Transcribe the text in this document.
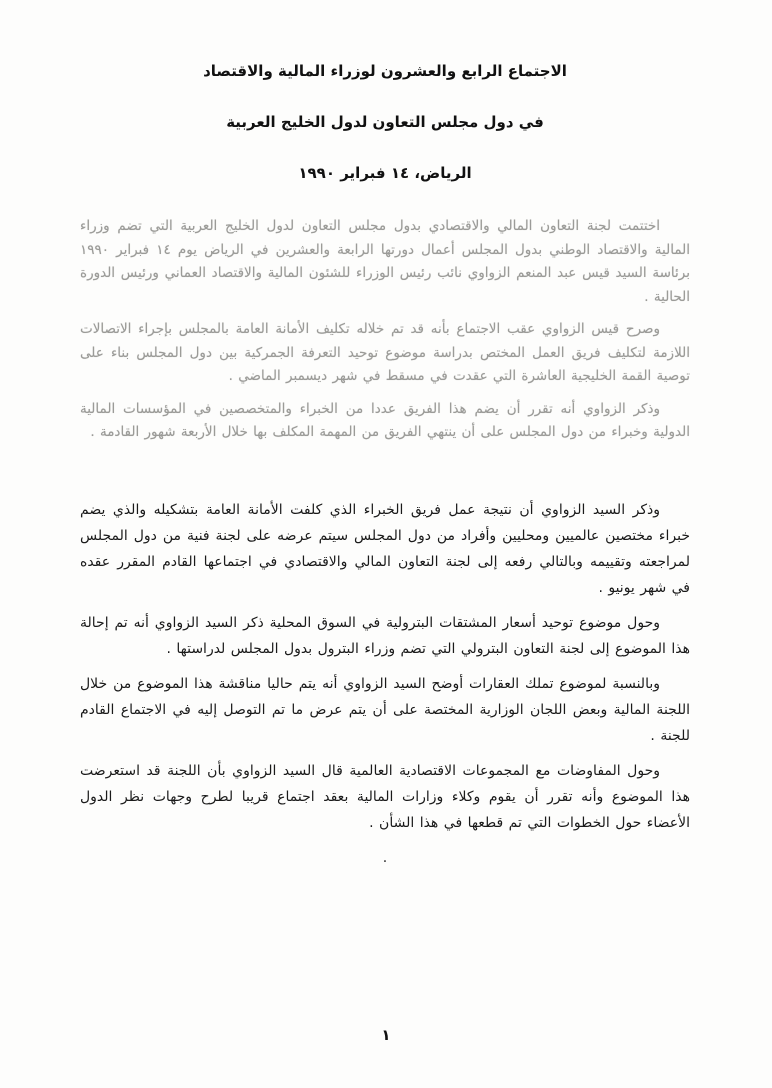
الاجتماع الرابع والعشرون لوزراء المالية والاقتصاد

في دول مجلس التعاون لدول الخليج العربية

الرياض، ١٤ فبراير ١٩٩٠

اختتمت لجنة التعاون المالي والاقتصادي بدول مجلس التعاون لدول الخليج العربية التي تضم وزراء المالية والاقتصاد الوطني بدول المجلس أعمال دورتها الرابعة والعشرين في الرياض يوم ١٤ فبراير ١٩٩٠ برئاسة السيد قيس عبد المنعم الزواوي نائب رئيس الوزراء للشئون المالية والاقتصاد العماني ورئيس الدورة الحالية .

وصرح قيس الزواوي عقب الاجتماع بأنه قد تم خلاله تكليف الأمانة العامة بالمجلس بإجراء الاتصالات اللازمة لتكليف فريق العمل المختص بدراسة موضوع توحيد التعرفة الجمركية بين دول المجلس بناء على توصية القمة الخليجية العاشرة التي عقدت في مسقط في شهر ديسمبر الماضي .

وذكر الزواوي أنه تقرر أن يضم هذا الفريق عددا من الخبراء والمتخصصين في المؤسسات المالية الدولية وخبراء من دول المجلس على أن ينتهي الفريق من المهمة المكلف بها خلال الأربعة شهور القادمة .

وذكر السيد الزواوي أن نتيجة عمل فريق الخبراء الذي كلفت الأمانة العامة بتشكيله والذي يضم خبراء مختصين عالميين ومحليين وأفراد من دول المجلس سيتم عرضه على لجنة فنية من دول المجلس لمراجعته وتقييمه وبالتالي رفعه إلى لجنة التعاون المالي والاقتصادي في اجتماعها القادم المقرر عقده في شهر يونيو .

وحول موضوع توحيد أسعار المشتقات البترولية في السوق المحلية ذكر السيد الزواوي أنه تم إحالة هذا الموضوع إلى لجنة التعاون البترولي التي تضم وزراء البترول بدول المجلس لدراستها .

وبالنسبة لموضوع تملك العقارات أوضح السيد الزواوي أنه يتم حاليا مناقشة هذا الموضوع من خلال اللجنة المالية وبعض اللجان الوزارية المختصة على أن يتم عرض ما تم التوصل إليه في الاجتماع القادم للجنة .

وحول المفاوضات مع المجموعات الاقتصادية العالمية قال السيد الزواوي بأن اللجنة قد استعرضت هذا الموضوع وأنه تقرر أن يقوم وكلاء وزارات المالية بعقد اجتماع قريبا لطرح وجهات نظر الدول الأعضاء حول الخطوات التي تم قطعها في هذا الشأن .

.
١
